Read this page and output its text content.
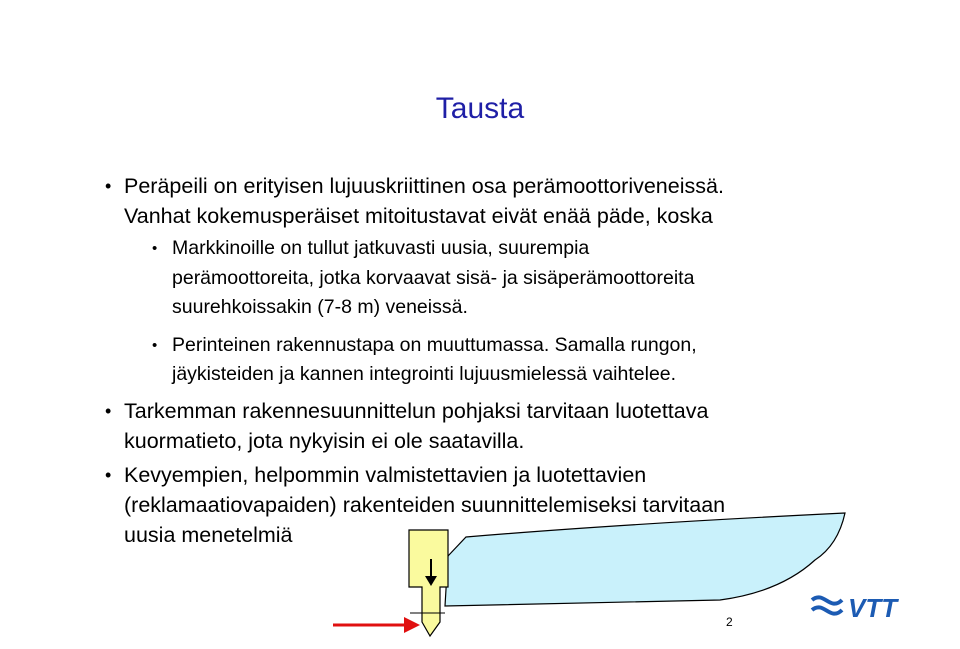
Tausta
• Peräpeili on erityisen lujuuskriittinen osa perämoottoriveneissä.
Vanhat kokemusperäiset mitoitustavat eivät enää päde, koska
• Markkinoille on tullut jatkuvasti uusia, suurempia
perämoottoreita, jotka korvaavat sisä- ja sisäperämoottoreita
suurehkoissakin (7-8 m) veneissä.
• Perinteinen rakennustapa on muuttumassa. Samalla rungon,
jäykisteiden ja kannen integrointi lujuusmielessä vaihtelee.
• Tarkemman rakennesuunnittelun pohjaksi tarvitaan luotettava
kuormatieto, jota nykyisin ei ole saatavilla.
• Kevyempien, helpommin valmistettavien ja luotettavien
(reklamaatiovapaiden) rakenteiden suunnittelemiseksi tarvitaan
uusia menetelmiä
VTT
2
